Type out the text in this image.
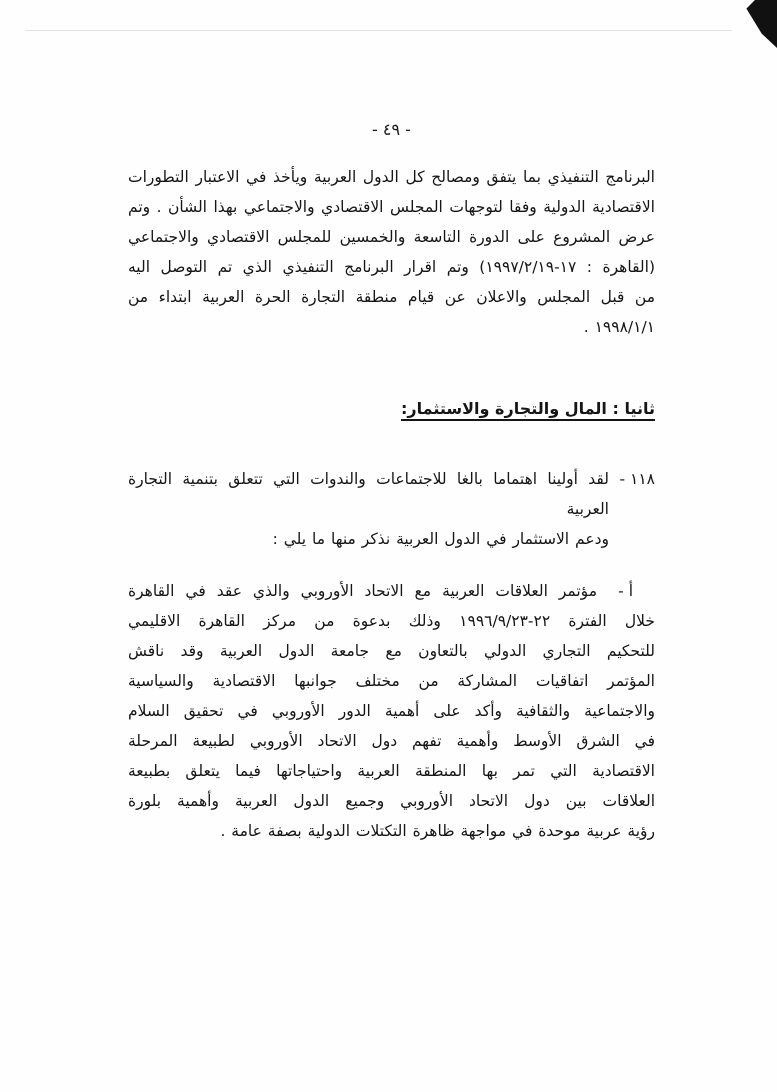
- ٤٩ -
البرنامج التنفيذي بما يتفق ومصالح كل الدول العربية ويأخذ في الاعتبار التطورات
الاقتصادية الدولية وفقا لتوجهات المجلس الاقتصادي والاجتماعي بهذا الشأن . وتم
عرض المشروع على الدورة التاسعة والخمسين للمجلس الاقتصادي والاجتماعي
(القاهرة : ⁦١٧-١٩٩٧/٢/١٩⁩) وتم اقرار البرنامج التنفيذي الذي تم التوصل اليه
من قبل المجلس والاعلان عن قيام منطقة التجارة الحرة العربية ابتداء من
١٩٩٨/١/١ .
ثانيا : المال والتجارة والاستثمار:
١١٨ -
لقد أولينا اهتماما بالغا للاجتماعات والندوات التي تتعلق بتنمية التجارة العربية
ودعم الاستثمار في الدول العربية نذكر منها ما يلي :
أ -
مؤتمر العلاقات العربية مع الاتحاد الأوروبي والذي عقد في القاهرة
خلال الفترة ⁦٢٢-١٩٩٦/٩/٢٣⁩ وذلك بدعوة من مركز القاهرة الاقليمي
للتحكيم التجاري الدولي بالتعاون مع جامعة الدول العربية وقد ناقش
المؤتمر اتفاقيات المشاركة من مختلف جوانبها الاقتصادية والسياسية
والاجتماعية والثقافية وأكد على أهمية الدور الأوروبي في تحقيق السلام
في الشرق الأوسط وأهمية تفهم دول الاتحاد الأوروبي لطبيعة المرحلة
الاقتصادية التي تمر بها المنطقة العربية واحتياجاتها فيما يتعلق بطبيعة
العلاقات بين دول الاتحاد الأوروبي وجميع الدول العربية وأهمية بلورة
رؤية عربية موحدة في مواجهة ظاهرة التكتلات الدولية بصفة عامة .
